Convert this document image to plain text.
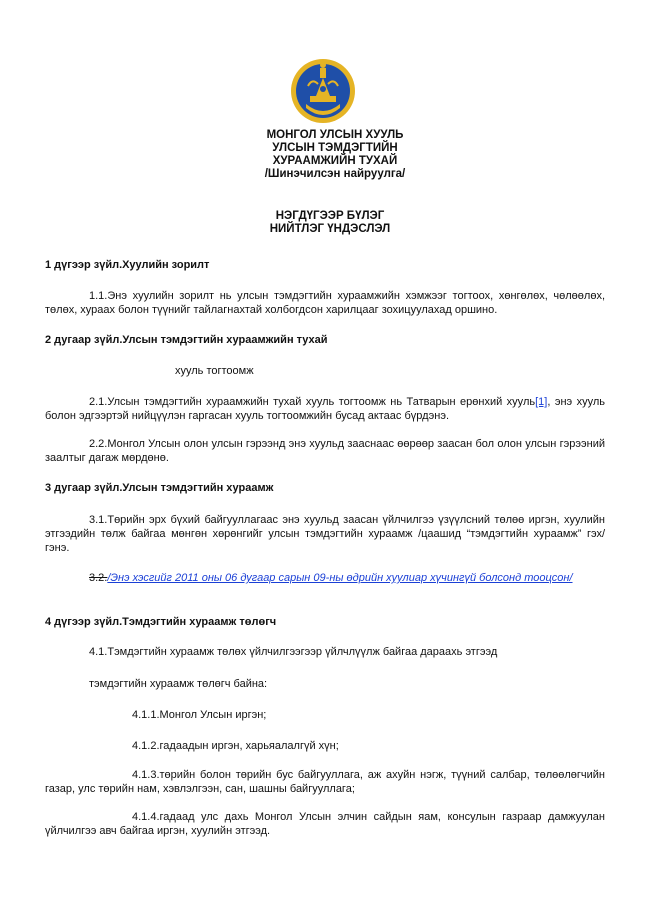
МОНГОЛ УЛСЫН ХУУЛЬ
УЛСЫН ТЭМДЭГТИЙН
ХУРААМЖИЙН ТУХАЙ
/Шинэчилсэн найруулга/
НЭГДҮГЭЭР БҮЛЭГ
НИЙТЛЭГ ҮНДЭСЛЭЛ
1 дүгээр зүйл.Хуулийн зорилт
1.1.Энэ хуулийн зорилт нь улсын тэмдэгтийн хураамжийн хэмжээг тогтоох, хөнгөлөх, чөлөөлөх, төлөх, хураах болон түүнийг тайлагнахтай холбогдсон харилцааг зохицуулахад оршино.
2 дугаар зүйл.Улсын тэмдэгтийн хураамжийн тухай
хууль тогтоомж
2.1.Улсын тэмдэгтийн хураамжийн тухай хууль тогтоомж нь Татварын ерөнхий хууль[1], энэ хууль болон эдгээртэй нийцүүлэн гаргасан хууль тогтоомжийн бусад актаас бүрдэнэ.
2.2.Монгол Улсын олон улсын гэрээнд энэ хуульд зааснаас өөрөөр заасан бол олон улсын гэрээний заалтыг дагаж мөрдөнө.
3 дугаар зүйл.Улсын тэмдэгтийн хураамж
3.1.Төрийн эрх бүхий байгууллагаас энэ хуульд заасан үйлчилгээ үзүүлсний төлөө иргэн, хуулийн этгээдийн төлж байгаа мөнгөн хөрөнгийг улсын тэмдэгтийн хураамж /цаашид “тэмдэгтийн хураамж” гэх/ гэнэ.
3.2./Энэ хэсгийг 2011 оны 06 дугаар сарын 09-ны өдрийн хуулиар хүчингүй болсонд тооцсон/
4 дүгээр зүйл.Тэмдэгтийн хураамж төлөгч
4.1.Тэмдэгтийн хураамж төлөх үйлчилгээгээр үйлчлүүлж байгаа дараахь этгээд
тэмдэгтийн хураамж төлөгч байна:
4.1.1.Монгол Улсын иргэн;
4.1.2.гадаадын иргэн, харьяалалгүй хүн;
4.1.3.төрийн болон төрийн бус байгууллага, аж ахуйн нэгж, түүний салбар, төлөөлөгчийн газар, улс төрийн нам, хэвлэлгээн, сан, шашны байгууллага;
4.1.4.гадаад улс дахь Монгол Улсын элчин сайдын яам, консулын газраар дамжуулан үйлчилгээ авч байгаа иргэн, хуулийн этгээд.
